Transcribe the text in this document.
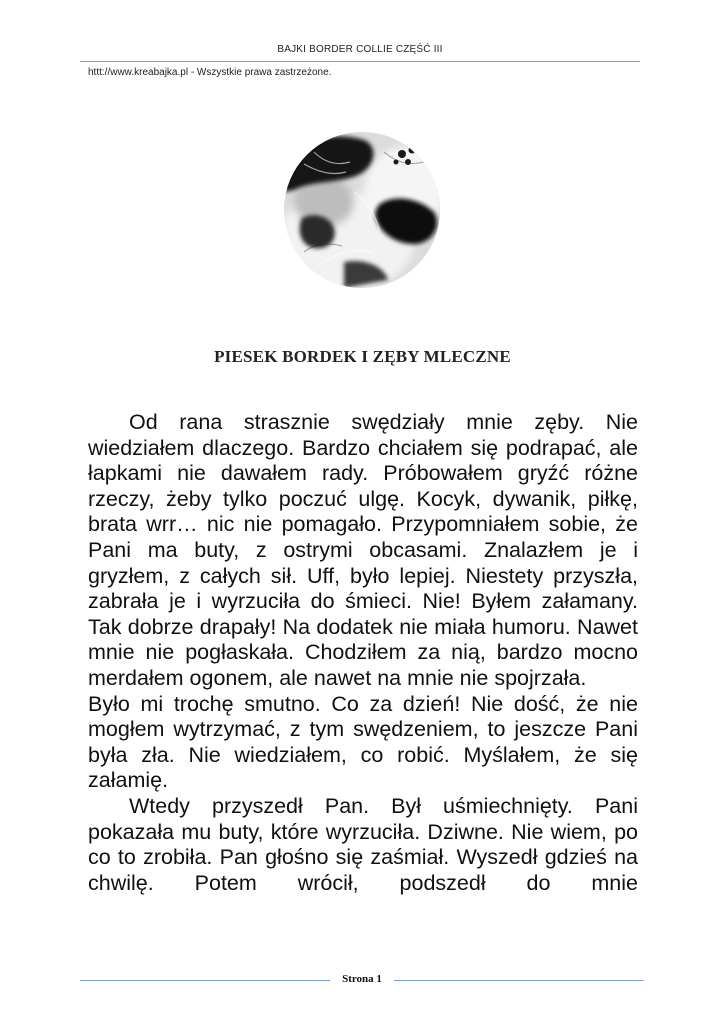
BAJKI BORDER COLLIE CZĘŚĆ III
httt://www.kreabajka.pl - Wszystkie prawa zastrzeżone.
PIESEK BORDEK I ZĘBY MLECZNE

Od rana strasznie swędziały mnie zęby. Nie wiedziałem dlaczego. Bardzo chciałem się podrapać, ale łapkami nie dawałem rady. Próbowałem gryźć różne rzeczy, żeby tylko poczuć ulgę. Kocyk, dywanik, piłkę, brata wrr… nic nie pomagało. Przypomniałem sobie, że Pani ma buty, z ostrymi obcasami. Znalazłem je i gryzłem, z całych sił. Uff, było lepiej. Niestety przyszła, zabrała je i wyrzuciła do śmieci. Nie! Byłem załamany. Tak dobrze drapały! Na dodatek nie miała humoru. Nawet mnie nie pogłaskała. Chodziłem za nią, bardzo mocno merdałem ogonem, ale nawet na mnie nie spojrzała.

Było mi trochę smutno. Co za dzień! Nie dość, że nie mogłem wytrzymać, z tym swędzeniem, to jeszcze Pani była zła. Nie wiedziałem, co robić. Myślałem, że się załamię.

Wtedy przyszedł Pan. Był uśmiechnięty. Pani pokazała mu buty, które wyrzuciła. Dziwne. Nie wiem, po co to zrobiła. Pan głośno się zaśmiał. Wyszedł gdzieś na chwilę. Potem wrócił, podszedł do mnie

Strona 1
